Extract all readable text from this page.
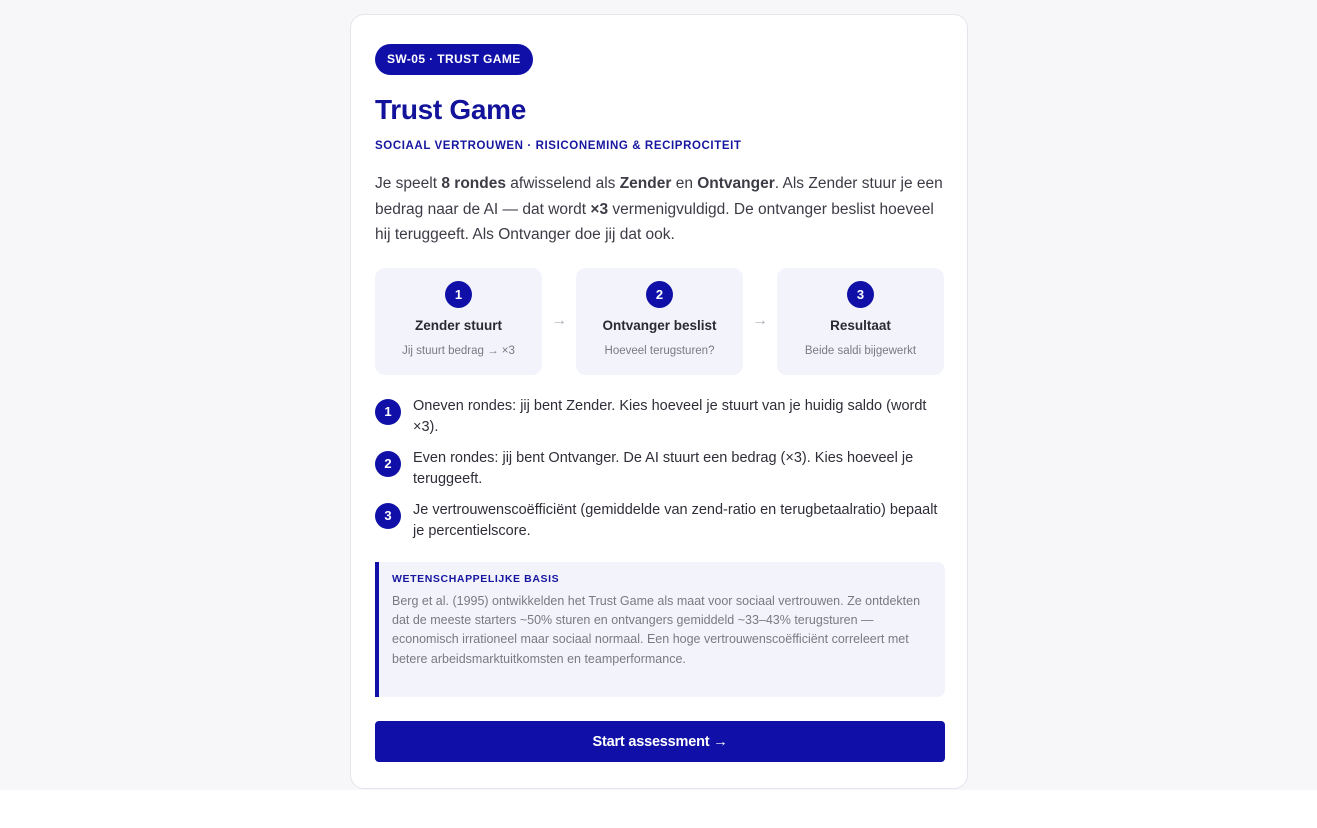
SW-05 · TRUST GAME
Trust Game
SOCIAAL VERTROUWEN · RISICONEMING & RECIPROCITEIT

Je speelt 8 rondes afwisselend als Zender en Ontvanger. Als Zender stuur je een bedrag naar de AI — dat wordt ×3 vermenigvuldigd. De ontvanger beslist hoeveel hij teruggeeft. Als Ontvanger doe jij dat ook.

1
Zender stuurt
Jij stuurt bedrag → ×3
→
2
Ontvanger beslist
Hoeveel terugsturen?
→
3
Resultaat
Beide saldi bijgewerkt
1	Oneven rondes: jij bent Zender. Kies hoeveel je stuurt van je huidig saldo (wordt ×3).
2	Even rondes: jij bent Ontvanger. De AI stuurt een bedrag (×3). Kies hoeveel je teruggeeft.
3	Je vertrouwenscoëfficiënt (gemiddelde van zend-ratio en terugbetaalratio) bepaalt je percentielscore.
WETENSCHAPPELIJKE BASIS
Berg et al. (1995) ontwikkelden het Trust Game als maat voor sociaal vertrouwen. Ze ontdekten dat de meeste starters ~50% sturen en ontvangers gemiddeld ~33–43% terugsturen — economisch irrationeel maar sociaal normaal. Een hoge vertrouwenscoëfficiënt correleert met betere arbeidsmarktuitkomsten en teamperformance.
Start assessment →
